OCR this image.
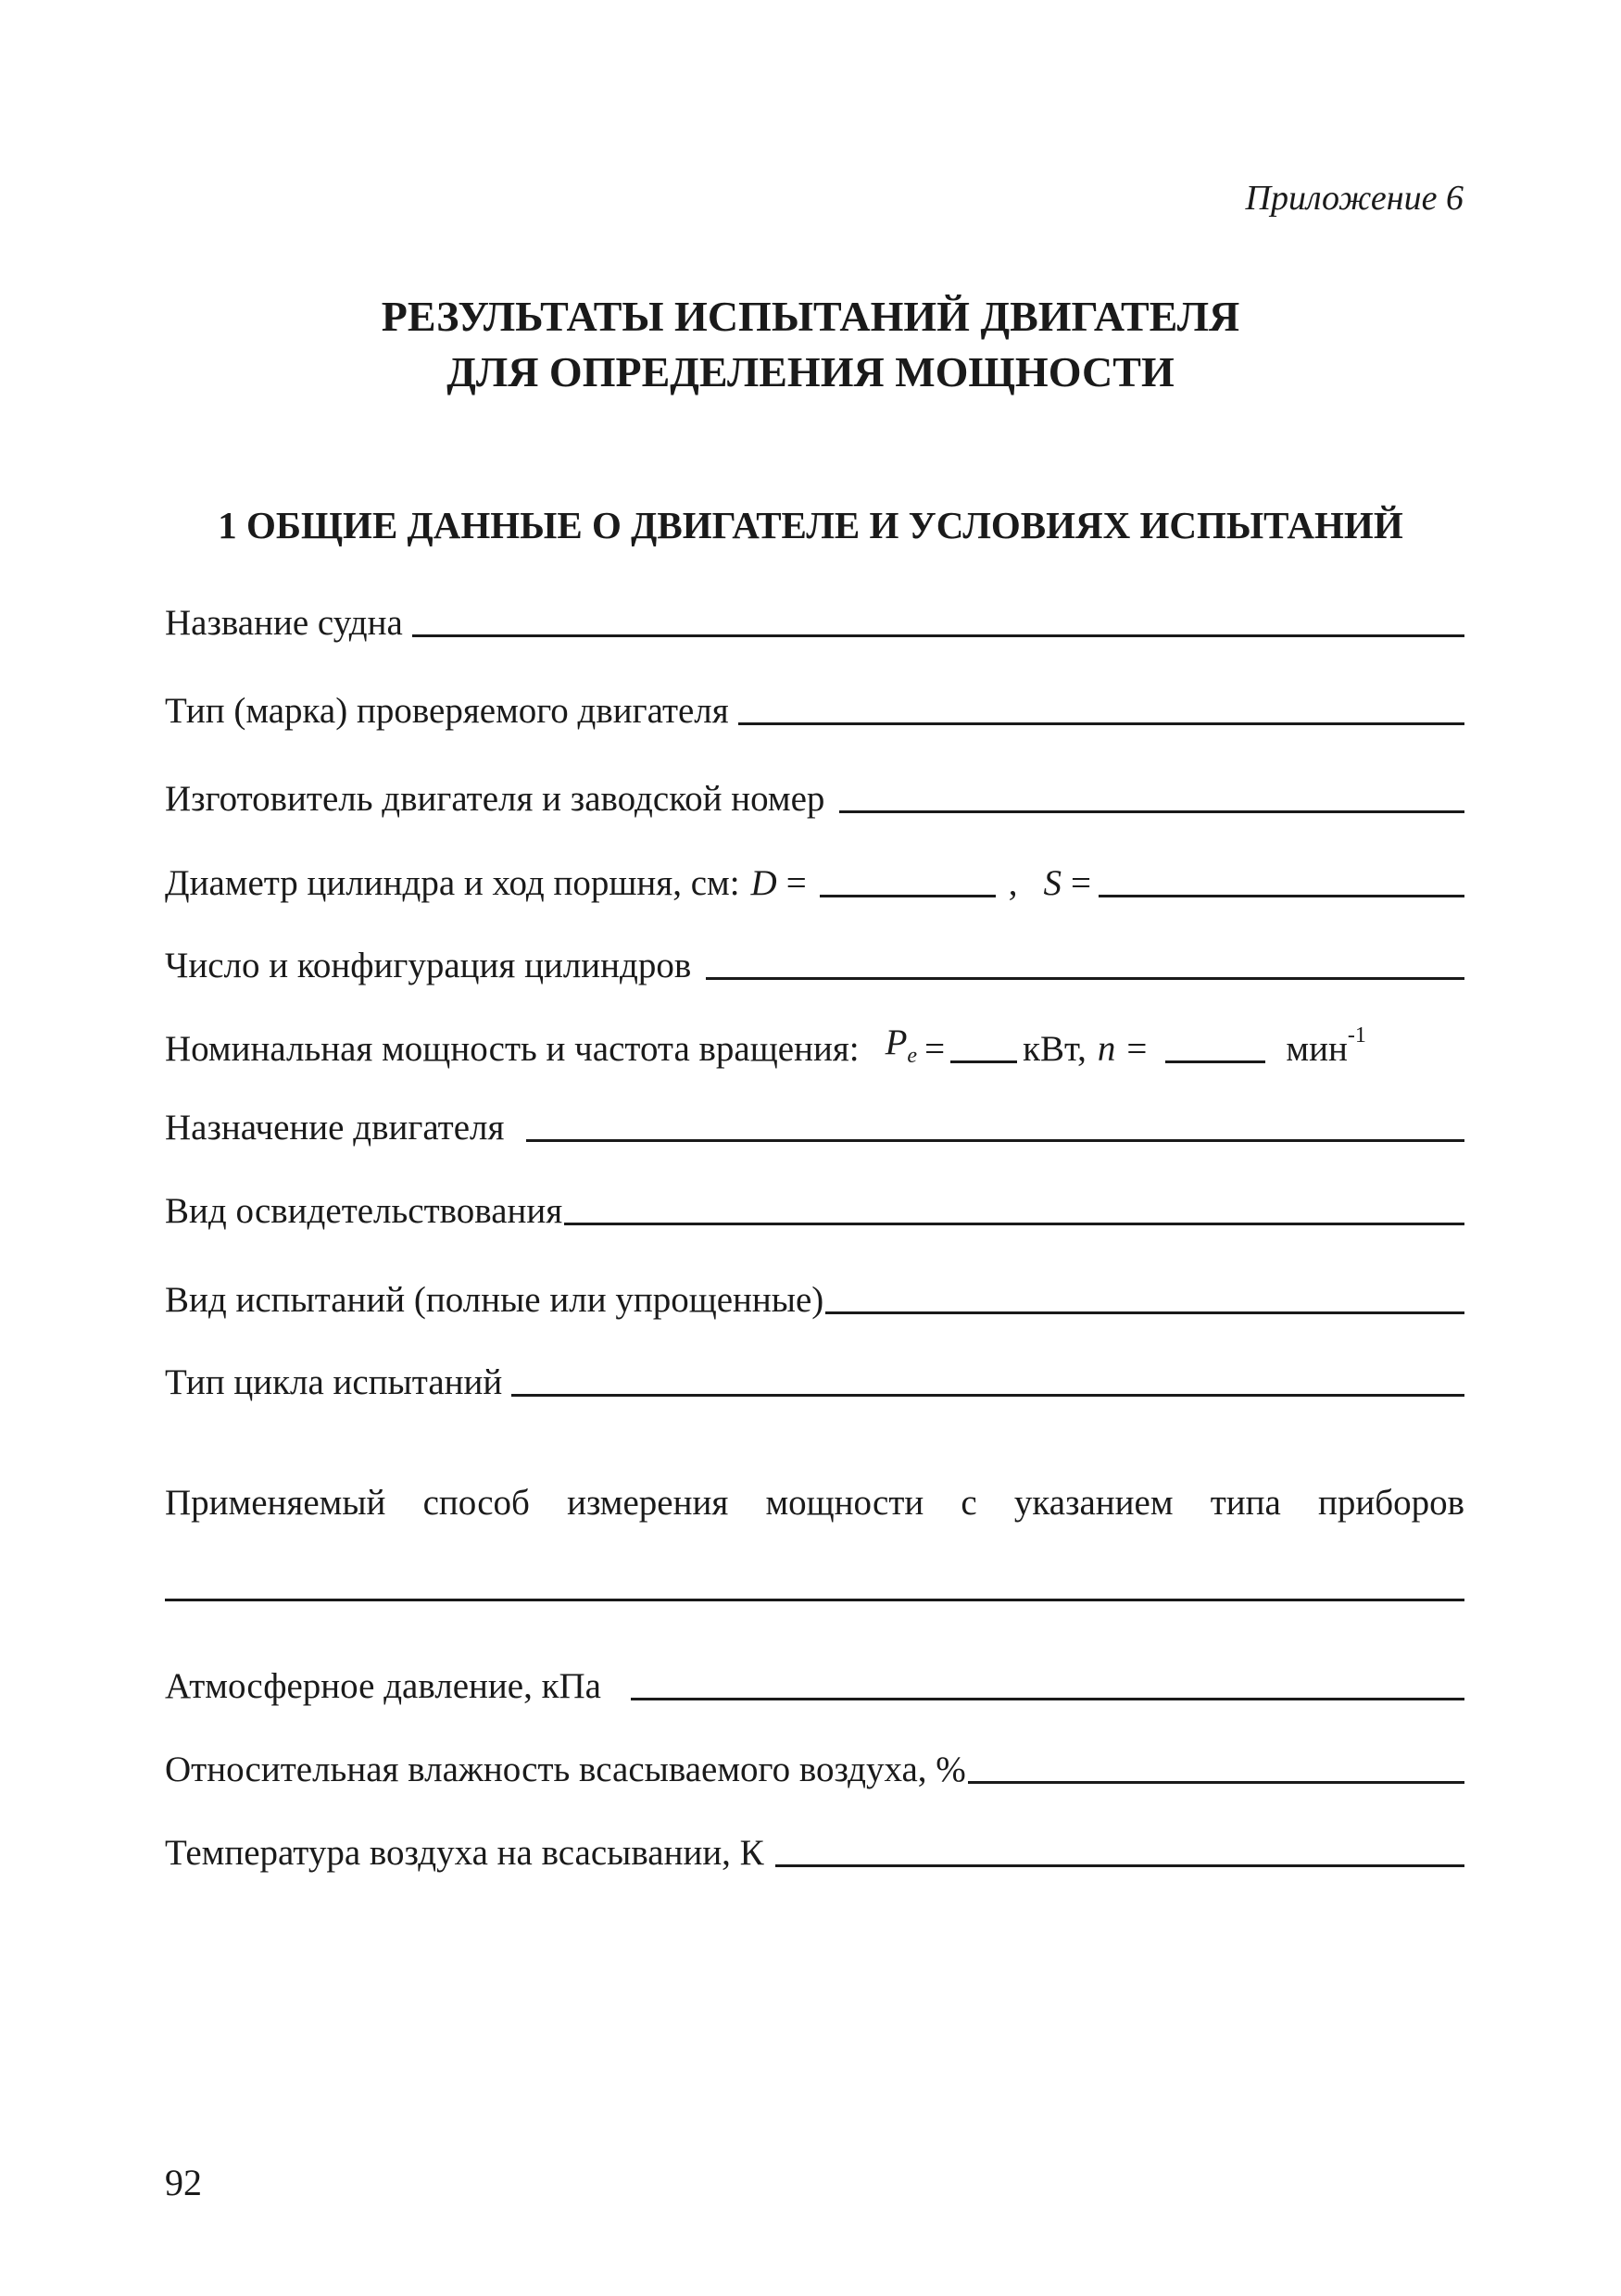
Приложение 6
РЕЗУЛЬТАТЫ ИСПЫТАНИЙ ДВИГАТЕЛЯ
ДЛЯ ОПРЕДЕЛЕНИЯ МОЩНОСТИ
1 ОБЩИЕ ДАННЫЕ О ДВИГАТЕЛЕ И УСЛОВИЯХ ИСПЫТАНИЙ
Название судна
Тип (марка) проверяемого двигателя
Изготовитель двигателя и заводской номер
Диаметр цилиндра и ход поршня, см: D =	, S =
Число и конфигурация цилиндров
Номинальная мощность и частота вращения: $P_e$ = кВт, n =	мин$^{-1}$
Назначение двигателя
Вид освидетельствования
Вид испытаний (полные или упрощенные)
Тип цикла испытаний
Применяемый способ измерения мощности с указанием типа приборов
Атмосферное давление, кПа
Относительная влажность всасываемого воздуха, %
Температура воздуха на всасывании, К
92
